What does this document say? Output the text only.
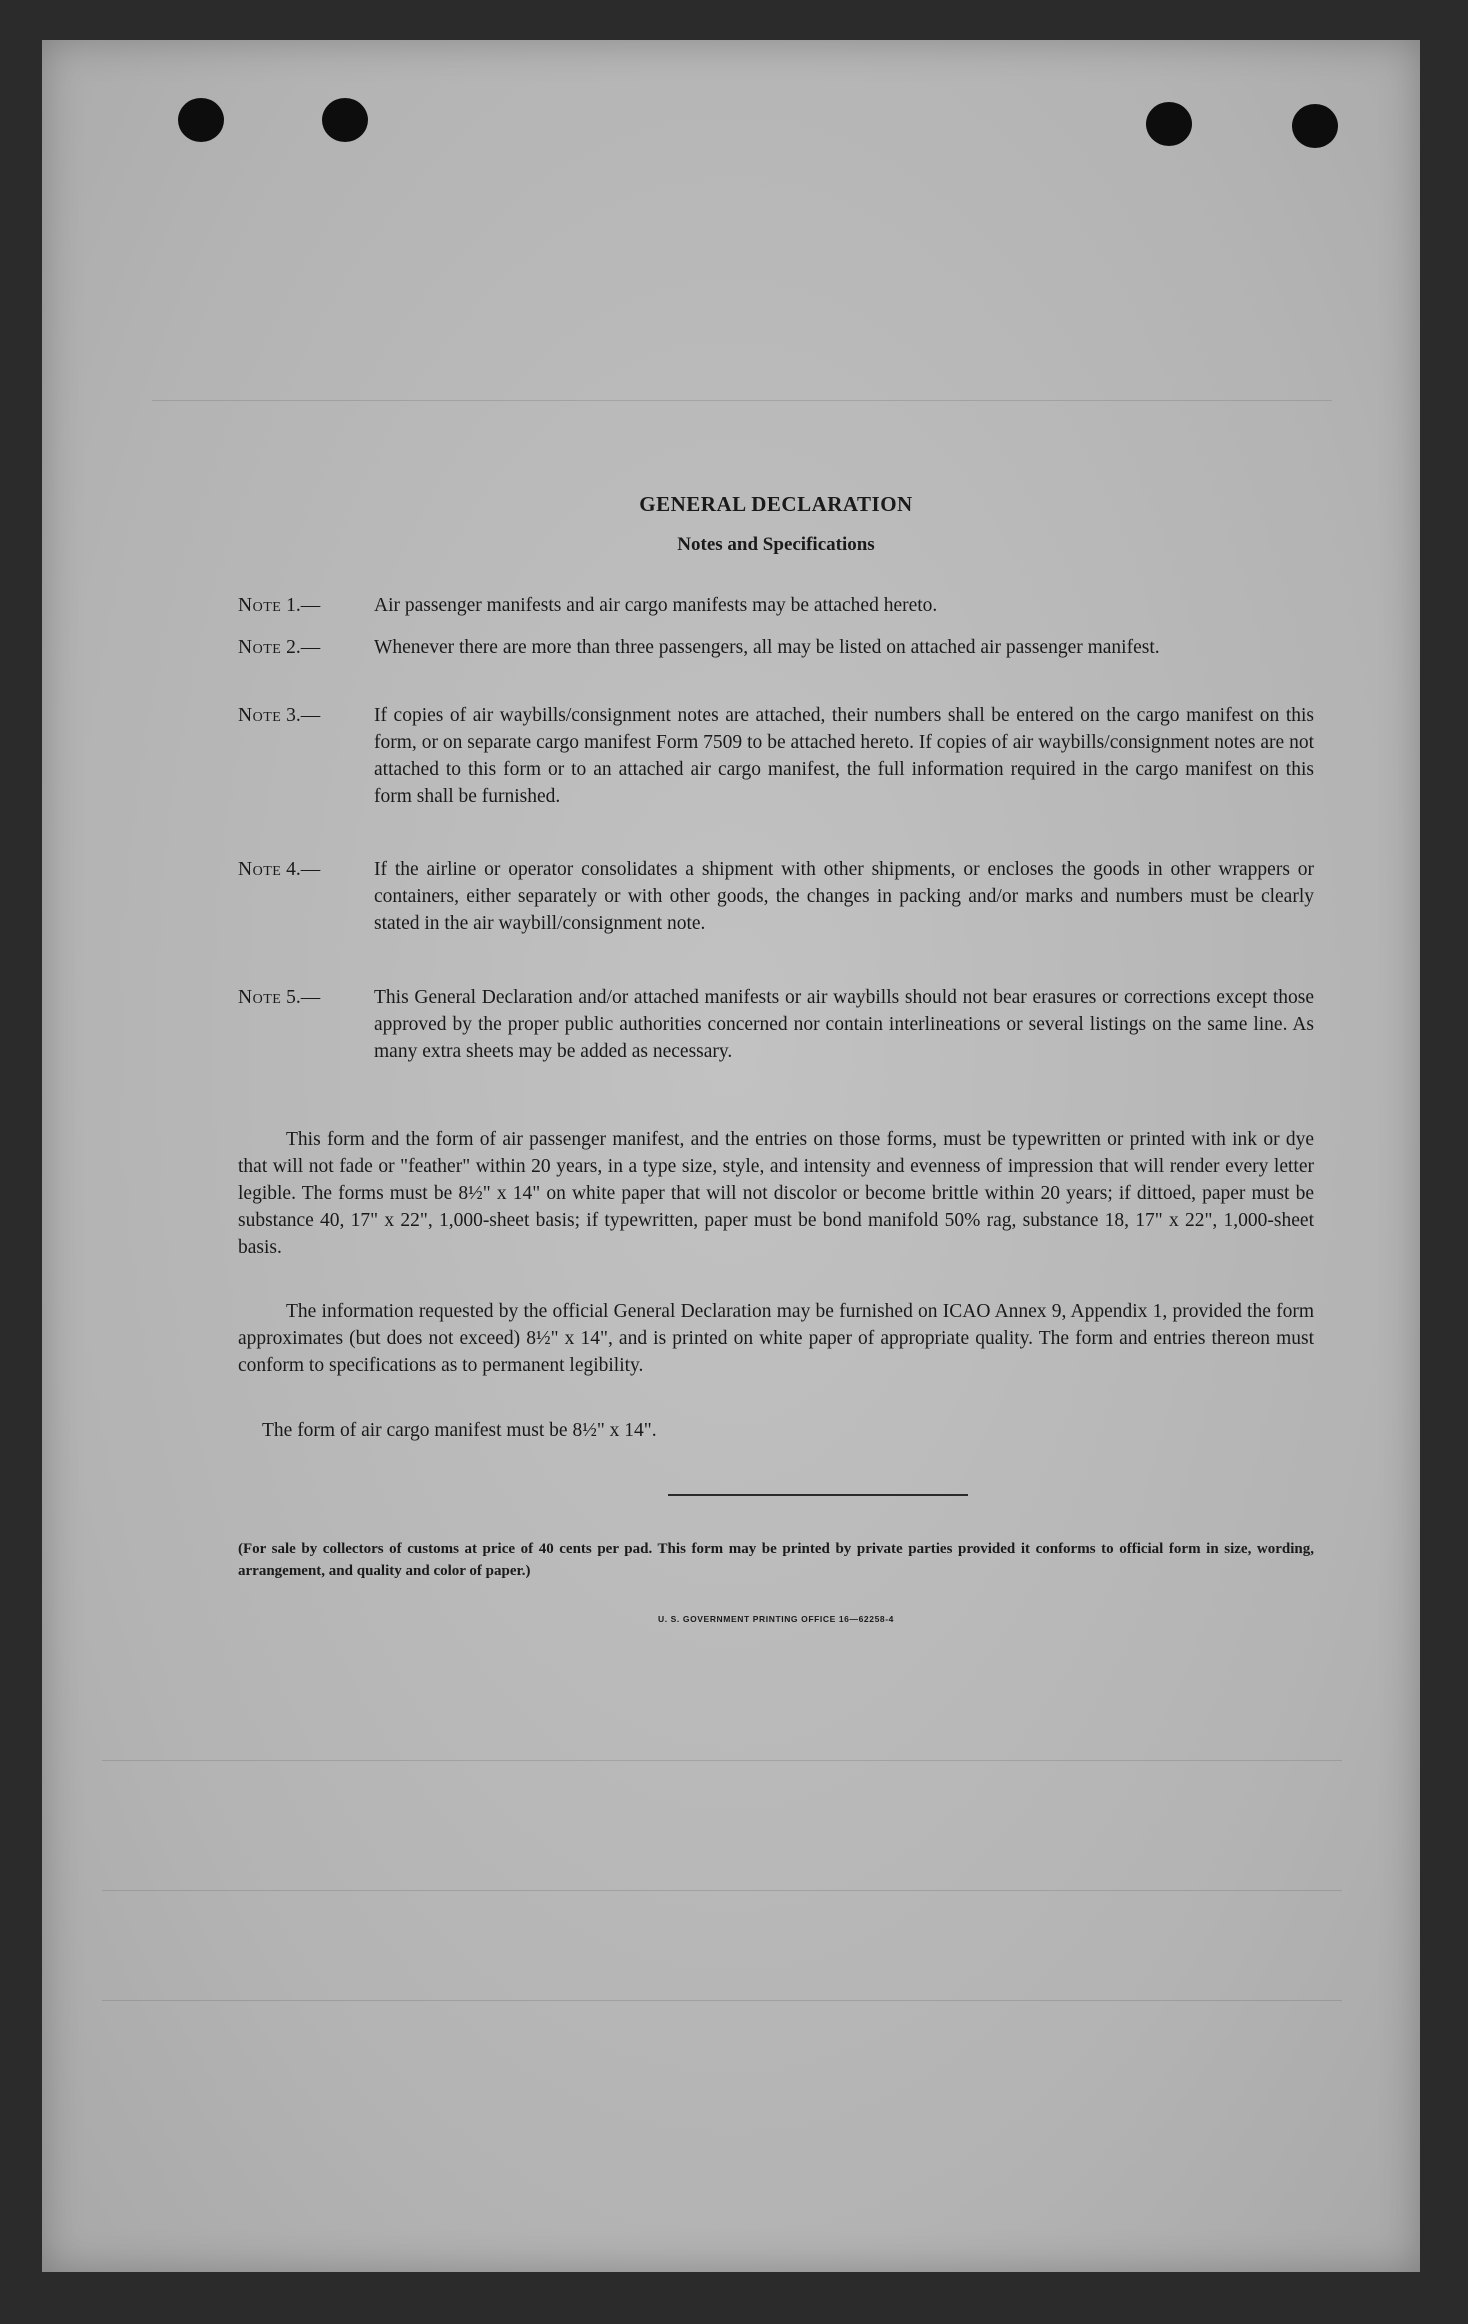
GENERAL DECLARATION
Notes and Specifications
Note 1.—	Air passenger manifests and air cargo manifests may be attached hereto.
Note 2.—	Whenever there are more than three passengers, all may be listed on attached air passenger manifest.
Note 3.—	If copies of air waybills/consignment notes are attached, their numbers shall be entered on the cargo manifest on this form, or on separate cargo manifest Form 7509 to be attached hereto. If copies of air waybills/consignment notes are not attached to this form or to an attached air cargo manifest, the full information required in the cargo manifest on this form shall be furnished.
Note 4.—	If the airline or operator consolidates a shipment with other shipments, or encloses the goods in other wrappers or containers, either separately or with other goods, the changes in packing and/or marks and numbers must be clearly stated in the air waybill/consignment note.
Note 5.—	This General Declaration and/or attached manifests or air waybills should not bear erasures or corrections except those approved by the proper public authorities concerned nor contain interlineations or several listings on the same line. As many extra sheets may be added as necessary.
This form and the form of air passenger manifest, and the entries on those forms, must be typewritten or printed with ink or dye that will not fade or "feather" within 20 years, in a type size, style, and intensity and evenness of impression that will render every letter legible. The forms must be 8½" x 14" on white paper that will not discolor or become brittle within 20 years; if dittoed, paper must be substance 40, 17" x 22", 1,000-sheet basis; if typewritten, paper must be bond manifold 50% rag, substance 18, 17" x 22", 1,000-sheet basis.
The information requested by the official General Declaration may be furnished on ICAO Annex 9, Appendix 1, provided the form approximates (but does not exceed) 8½" x 14", and is printed on white paper of appropriate quality. The form and entries thereon must conform to specifications as to permanent legibility.
The form of air cargo manifest must be 8½" x 14".
(For sale by collectors of customs at price of 40 cents per pad. This form may be printed by private parties provided it conforms to official form in size, wording, arrangement, and quality and color of paper.)
U. S. GOVERNMENT PRINTING OFFICE 16—62258-4
